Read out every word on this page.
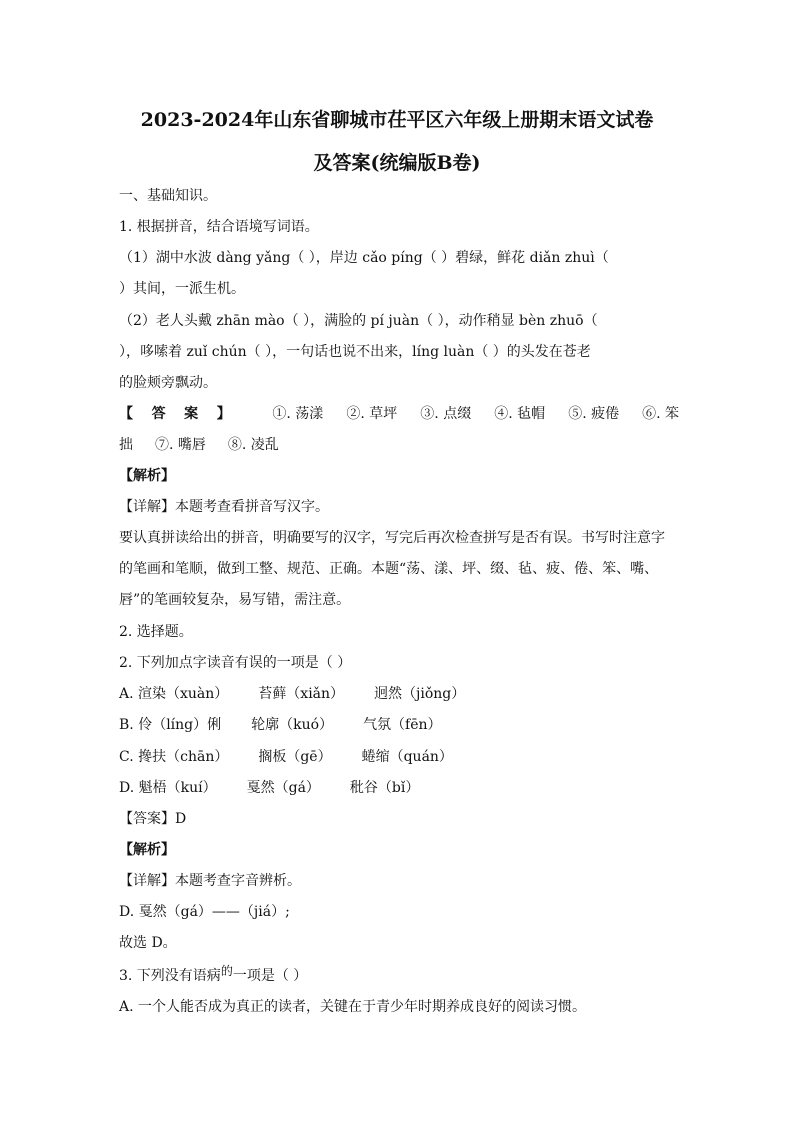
2023-2024年山东省聊城市茌平区六年级上册期末语文试卷
及答案(统编版B卷)
一、基础知识。
1. 根据拼音，结合语境写词语。
（1）湖中水波 dàng yǎng（ ），岸边 cǎo píng（ ）碧绿，鲜花 diǎn zhuì（
）其间，一派生机。
（2）老人头戴 zhān mào（ ），满脸的 pí juàn（ ），动作稍显 bèn zhuō（
），哆嗦着 zuǐ chún（ ），一句话也说不出来，líng luàn（ ）的头发在苍老
的脸颊旁飘动。
【答案】 ①. 荡漾 ②. 草坪 ③. 点缀 ④. 毡帽 ⑤. 疲倦 ⑥. 笨
拙 ⑦. 嘴唇 ⑧. 凌乱
【解析】
【详解】本题考查看拼音写汉字。
要认真拼读给出的拼音，明确要写的汉字，写完后再次检查拼写是否有误。书写时注意字
的笔画和笔顺，做到工整、规范、正确。本题“荡、漾、坪、缀、毡、疲、倦、笨、嘴、
唇”的笔画较复杂，易写错，需注意。
2. 选择题。
2. 下列加点字读音有误的一项是（ ）
A. 渲染（xuàn） 苔藓（xiǎn） 迥然（jiǒng）
B. 伶（líng）俐 轮廓（kuó） 气氛（fēn）
C. 搀扶（chān） 搁板（gē） 蜷缩（quán）
D. 魁梧（kuí） 戛然（gá） 秕谷（bǐ）
【答案】D
【解析】
【详解】本题考查字音辨析。
D. 戛然（gá）——（jiá）;
故选 D。
3. 下列没有语病的一项是（ ）
A. 一个人能否成为真正的读者，关键在于青少年时期养成良好的阅读习惯。
